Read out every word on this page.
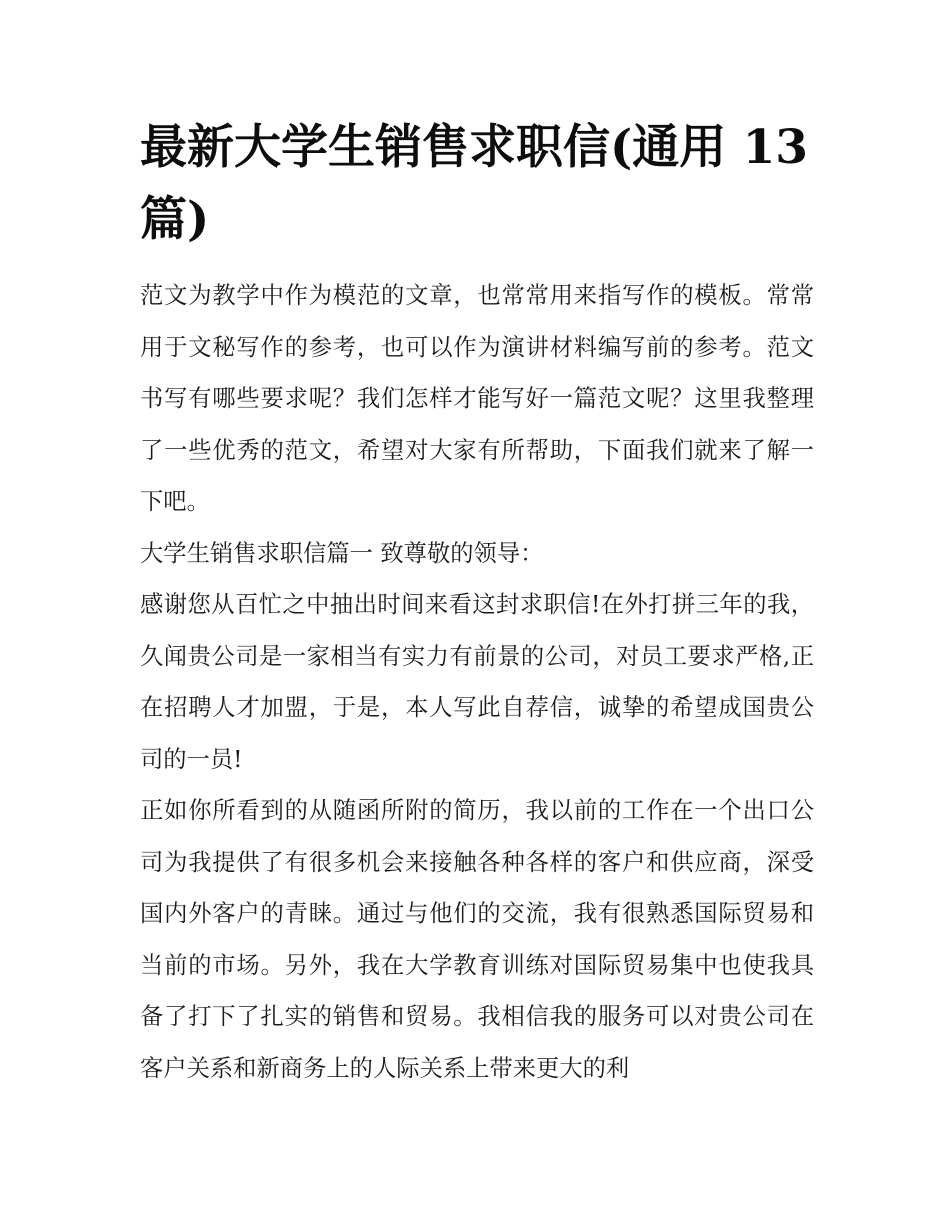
最新大学生销售求职信(通用 13 篇)

范文为教学中作为模范的文章，也常常用来指写作的模板。常常用于文秘写作的参考，也可以作为演讲材料编写前的参考。范文书写有哪些要求呢？我们怎样才能写好一篇范文呢？这里我整理了一些优秀的范文，希望对大家有所帮助，下面我们就来了解一下吧。

大学生销售求职信篇一 致尊敬的领导：

感谢您从百忙之中抽出时间来看这封求职信!在外打拼三年的我，久闻贵公司是一家相当有实力有前景的公司，对员工要求严格,正在招聘人才加盟，于是，本人写此自荐信，诚挚的希望成国贵公司的一员!

正如你所看到的从随函所附的简历，我以前的工作在一个出口公司为我提供了有很多机会来接触各种各样的客户和供应商，深受国内外客户的青睐。通过与他们的交流，我有很熟悉国际贸易和当前的市场。另外，我在大学教育训练对国际贸易集中也使我具备了打下了扎实的销售和贸易。我相信我的服务可以对贵公司在客户关系和新商务上的人际关系上带来更大的利
